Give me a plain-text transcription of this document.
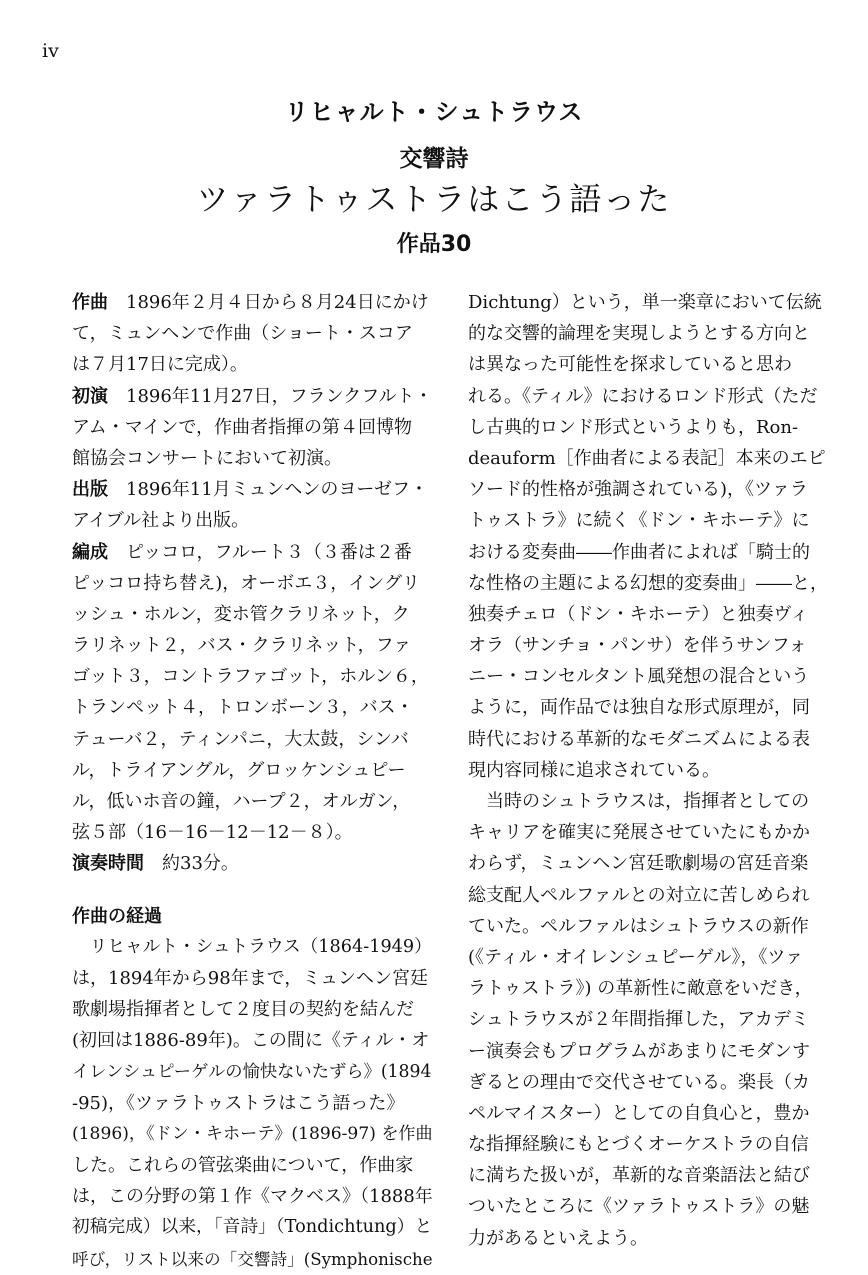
iv
リヒャルト・シュトラウス
交響詩
ツァラトゥストラはこう語った
作品30
作曲　 1896年２月４日から８月24日にかけ
て，ミュンヘンで作曲（ショート・スコア
は７月17日に完成）。
初演　 1896年11月27日，フランクフルト・
アム・マインで，作曲者指揮の第４回博物
館協会コンサートにおいて初演。
出版　 1896年11月ミュンヘンのヨーゼフ・
アイブル社より出版。
編成　 ピッコロ，フルート３（３番は２番
ピッコロ持ち替え)，オーボエ３，イングリ
ッシュ・ホルン，変ホ管クラリネット，ク
ラリネット２，バス・クラリネット，ファ
ゴット３，コントラファゴット，ホルン６，
トランペット４，トロンボーン３，バス・
テューバ２，ティンパニ，大太鼓，シンバ
ル，トライアングル，グロッケンシュピー
ル，低いホ音の鐘，ハープ２，オルガン，
弦５部（16－16－12－12－８）。
演奏時間　 約33分。
作曲の経過
　リヒャルト・シュトラウス（1864-1949）
は，1894年から98年まで，ミュンヘン宮廷
歌劇場指揮者として２度目の契約を結んだ
(初回は1886-89年)。この間に《ティル・オ
イレンシュピーゲルの愉快ないたずら》(1894
-95)，《ツァラトゥストラはこう語った》
(1896)，《ドン・キホーテ》(1896-97) を作曲
した。これらの管弦楽曲について，作曲家
は，この分野の第１作《マクベス》（1888年
初稿完成）以来，「音詩」（Tondichtung）と
呼び，リスト以来の「交響詩」(Symphonische
Dichtung）という，単一楽章において伝統
的な交響的論理を実現しようとする方向と
は異なった可能性を探求していると思わ
れる。《ティル》におけるロンド形式（ただ
し古典的ロンド形式というよりも，Ron-
deauform［作曲者による表記］本来のエピ
ソード的性格が強調されている)，《ツァラ
トゥストラ》に続く《ドン・キホーテ》に
おける変奏曲――作曲者によれば「騎士的
な性格の主題による幻想的変奏曲」――と，
独奏チェロ（ドン・キホーテ）と独奏ヴィ
オラ（サンチョ・パンサ）を伴うサンフォ
ニー・コンセルタント風発想の混合という
ように，両作品では独自な形式原理が，同
時代における革新的なモダニズムによる表
現内容同様に追求されている。
　当時のシュトラウスは，指揮者としての
キャリアを確実に発展させていたにもかか
わらず，ミュンヘン宮廷歌劇場の宮廷音楽
総支配人ペルファルとの対立に苦しめられ
ていた。ペルファルはシュトラウスの新作
(《ティル・オイレンシュピーゲル》，《ツァ
ラトゥストラ》) の革新性に敵意をいだき，
シュトラウスが２年間指揮した，アカデミ
ー演奏会もプログラムがあまりにモダンす
ぎるとの理由で交代させている。楽長（カ
ペルマイスター）としての自負心と，豊か
な指揮経験にもとづくオーケストラの自信
に満ちた扱いが，革新的な音楽語法と結び
ついたところに《ツァラトゥストラ》の魅
力があるといえよう。
